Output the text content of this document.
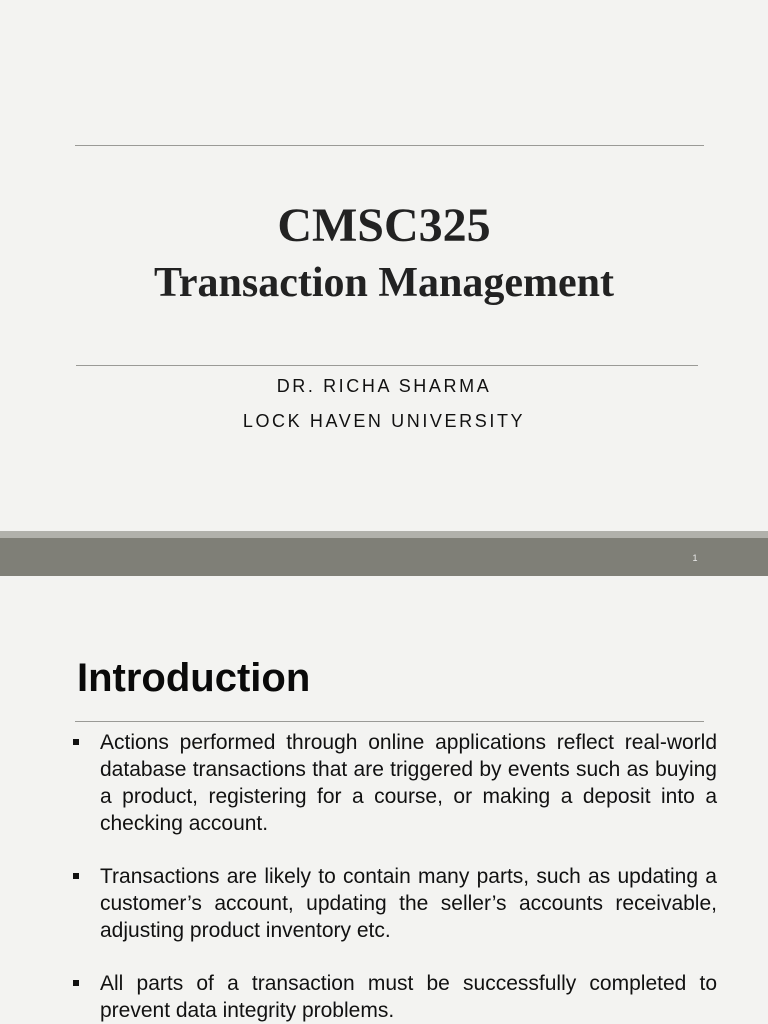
CMSC325
Transaction Management
DR. RICHA SHARMA
LOCK HAVEN UNIVERSITY
1
Introduction
Actions performed through online applications reflect real-world database transactions that are triggered by events such as buying a product, registering for a course, or making a deposit into a checking account.
Transactions are likely to contain many parts, such as updating a customer’s account, updating the seller’s accounts receivable, adjusting product inventory etc.
All parts of a transaction must be successfully completed to prevent data integrity problems.
